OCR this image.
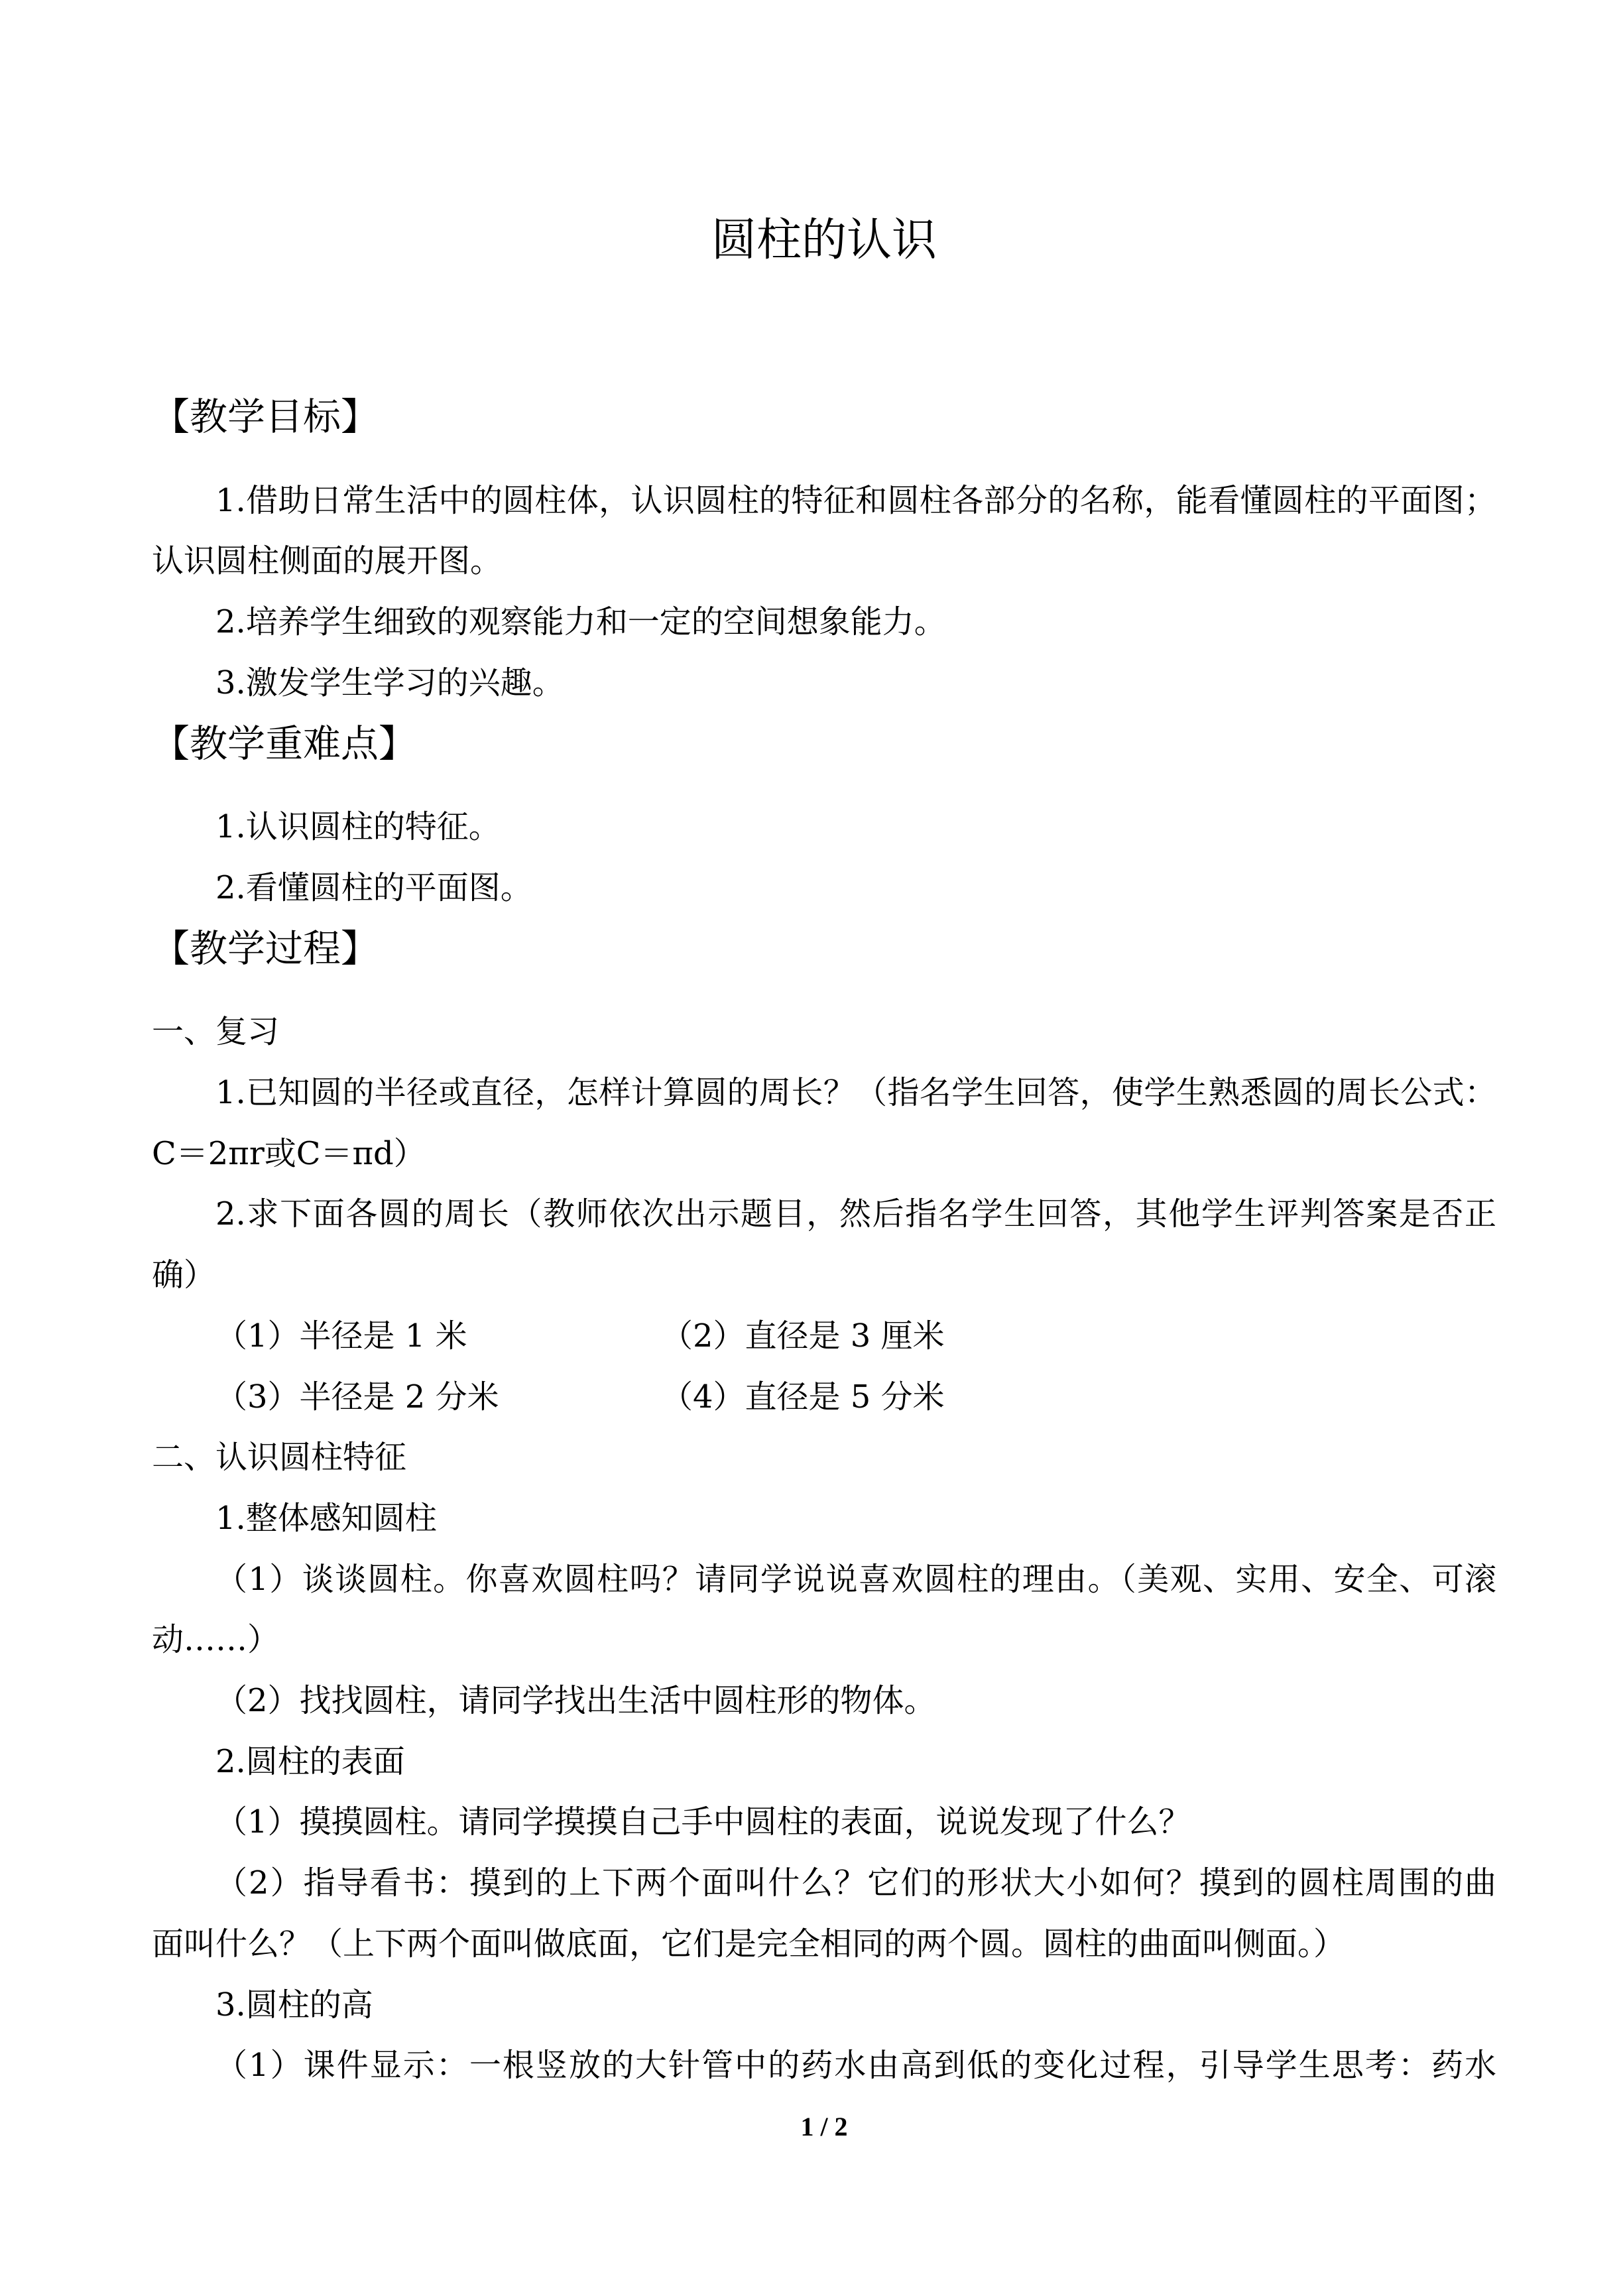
圆柱的认识
【教学目标】
1.借助日常生活中的圆柱体，认识圆柱的特征和圆柱各部分的名称，能看懂圆柱的平面图；
认识圆柱侧面的展开图。
2.培养学生细致的观察能力和一定的空间想象能力。
3.激发学生学习的兴趣。
【教学重难点】
1.认识圆柱的特征。
2.看懂圆柱的平面图。
【教学过程】
一、复习
1.已知圆的半径或直径，怎样计算圆的周长？（指名学生回答，使学生熟悉圆的周长公式：
C＝2πr或C＝πd）
2.求下面各圆的周长（教师依次出示题目，然后指名学生回答，其他学生评判答案是否正
确）
（1）半径是 1 米	（2）直径是 3 厘米
（3）半径是 2 分米	（4）直径是 5 分米
二、认识圆柱特征
1.整体感知圆柱
（1）谈谈圆柱。你喜欢圆柱吗？请同学说说喜欢圆柱的理由。（美观、实用、安全、可滚
动……）
（2）找找圆柱，请同学找出生活中圆柱形的物体。
2.圆柱的表面
（1）摸摸圆柱。请同学摸摸自己手中圆柱的表面，说说发现了什么？
（2）指导看书：摸到的上下两个面叫什么？它们的形状大小如何？摸到的圆柱周围的曲
面叫什么？（上下两个面叫做底面，它们是完全相同的两个圆。圆柱的曲面叫侧面。）
3.圆柱的高
（1）课件显示：一根竖放的大针管中的药水由高到低的变化过程，引导学生思考：药水
1 / 2
